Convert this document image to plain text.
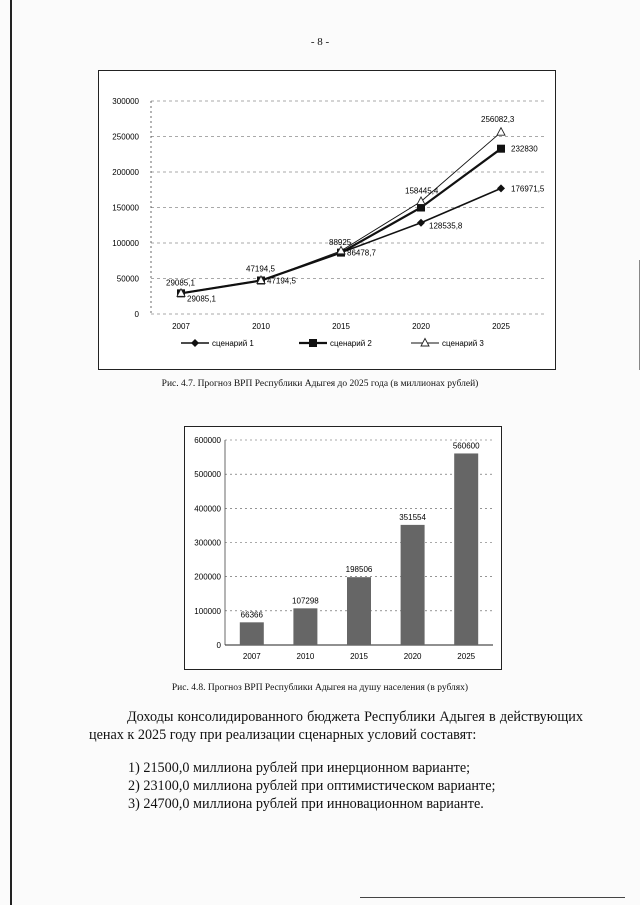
- 8 -
0
50000
100000
150000
200000
250000
300000
2007	2010	2015	2020	2025
29085,1
29085,1	47194,5
47194,5
86478,7
88925
128535,8
158445,4	176971,5
232830
256082,3
сценарий 1	сценарий 2	сценарий 3
Рис. 4.7. Прогноз ВРП Республики Адыгея до 2025 года (в миллионах рублей)
0
100000
200000
300000
400000
500000
600000
66366
2007
107298
2010
198506
2015
351554
2020
560600
2025
Рис. 4.8. Прогноз ВРП Республики Адыгея на душу населения (в рублях)

Доходы консолидированного бюджета Республики Адыгея в действующих ценах к 2025 году при реализации сценарных условий составят:

1) 21500,0 миллиона рублей при инерционном варианте;
2) 23100,0 миллиона рублей при оптимистическом варианте;
3) 24700,0 миллиона рублей при инновационном варианте.
